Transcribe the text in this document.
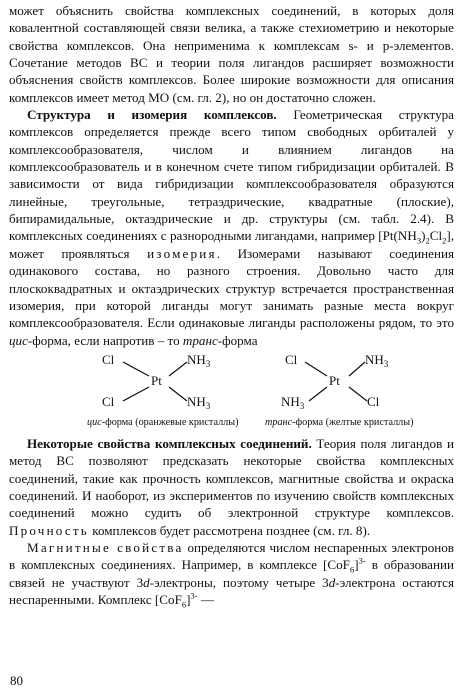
может объяснить свойства комплексных соединений, в которых доля ковалентной составляющей связи велика, а также стехиометрию и некоторые свойства комплексов. Она неприменима к комплексам s- и p-элементов. Сочетание методов ВС и теории поля лигандов расширяет возможности объяснения свойств комплексов. Более широкие возможности для описания комплексов имеет метод МО (см. гл. 2), но он достаточно сложен.

Структура и изомерия комплексов. Геометрическая структура комплексов определяется прежде всего типом свободных орбиталей у комплексообразователя, числом и влиянием лигандов на комплексообразователь и в конечном счете типом гибридизации орбиталей. В зависимости от вида гибридизации комплексообразователя образуются линейные, треугольные, тетраэдрические, квадратные (плоские), бипирамидальные, октаэдрические и др. структуры (см. табл. 2.4). В комплексных соединениях с разнородными лигандами, например $[Pt(NH_3)_2Cl_2]$, может проявляться изомерия. Изомерами называют соединения одинакового состава, но разного строения. Довольно часто для плоскоквадратных и октаэдрических структур встречается пространственная изомерия, при которой лиганды могут занимать разные места вокруг комплексообразователя. Если одинаковые лиганды расположены рядом, то это цис-форма, если напротив – то транс-форма

Cl	$NH_3$
Pt
Cl	$NH_3$
цис-форма (оранжевые кристаллы)
Cl	$NH_3$
Pt
$NH_3$	Cl
транс-форма (желтые кристаллы)

Некоторые свойства комплексных соединений. Теория поля лигандов и метод ВС позволяют предсказать некоторые свойства комплексных соединений, такие как прочность комплексов, магнитные свойства и окраска соединений. И наоборот, из экспериментов по изучению свойств комплексных соединений можно судить об электронной структуре комплексов. Прочность комплексов будет рассмотрена позднее (см. гл. 8).

Магнитные свойства определяются числом неспаренных электронов в комплексных соединениях. Например, в комплексе $[CoF_6]^{3-}$ в образовании связей не участвуют 3d-электроны, поэтому четыре 3d-электрона остаются неспаренными. Комплекс $[CoF_6]^{3-}$ —

80
